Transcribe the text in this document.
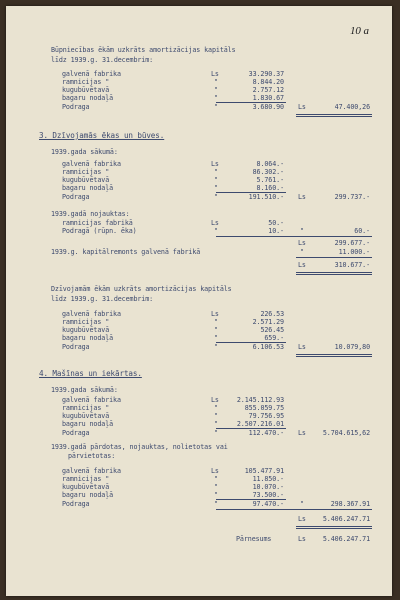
10 a
Būpniecības ēkām uzkrāts amortizācijas kapitāls
līdz 1939.g. 31.decembrim:
galvenā fabrika	Ls	33.290.37
ramnicijas "	"	8.844.20
kugubūvētavā	"	2.757.12
bagaru nodaļā	"	1.830.67
Podraga	"	3.680.90 Ls	47.400,26
3. Dzīvojamās ēkas un būves.
1939.gada sākumā:
galvenā fabrika	Ls	8.064.-
ramnicijas "	"	86.302.-
kugubūvētavā	"	5.761.-
bagaru nodaļā	"	8.160.-
Podraga	"	191.510.- Ls	299.737.-
1939.gadā nojauktas:
ramnicijas fabrikā	Ls	50.-
Podragā (rūpn. ēka)	"	10.- "	60.-
Ls	299.677.-
1939.g. kapitālremonts galvenā fabrikā	"	11.000.-
Ls	310.677.-
Dzīvojamām ēkām uzkrāts amortizācijas kapitāls
līdz 1939.g. 31.decembrim:
galvenā fabrika	Ls	226.53
ramnicijas "	"	2.571.29
kugubūvētavā	"	526.45
bagaru nodaļā	"	659.-
Podraga	"	6.106.53 Ls	10.079,80
4. Mašīnas un iekārtas.
1939.gada sākumā:
galvenā fabrika	Ls	2.145.112.93
ramnicijas "	"	855.059.75
kugubūvētavā	"	79.756.95
bagaru nodaļā	"	2.507.216.01
Podraga	"	112.470.- Ls	5.704.615,62
1939.gadā pārdotas, nojauktas, nolietotas vai
pārvietotas:
galvenā fabrika	Ls	105.477.91
ramnicijas "	"	11.850.-
kugubūvētavā	"	10.070.-
bagaru nodaļā	"	73.500.-
Podraga	"	97.470.- "	298.367.91
Ls	5.406.247.71
Pārnesums	Ls	5.406.247.71
